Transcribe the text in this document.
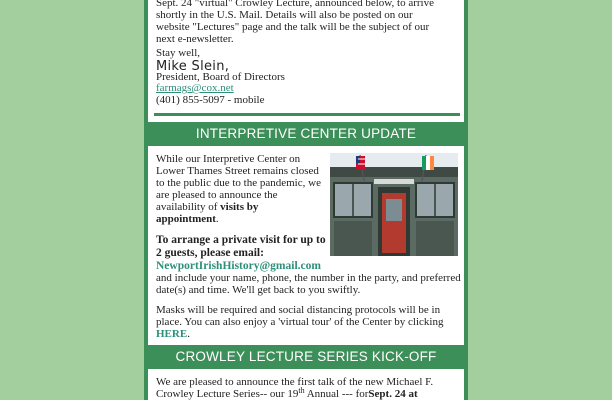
Sept. 24 "virtual" Crowley Lecture, announced below, to arrive
shortly in the U.S. Mail. Details will also be posted on our
website "Lectures" page and the talk will be the subject of our
next e-newsletter.
Stay well,
Mike Slein,
President, Board of Directors
farmags@cox.net
(401) 855-5097 - mobile
INTERPRETIVE CENTER UPDATE
While our Interpretive Center on Lower Thames Street remains closed to the public due to the pandemic, we are pleased to announce the availability of visits by appointment.
To arrange a private visit for up to 2 guests, please email:
NewportIrishHistory@gmail.com
and include your name, phone, the number in the party, and preferred date(s) and time. We'll get back to you swiftly.
Masks will be required and social distancing protocols will be in place. You can also enjoy a 'virtual tour' of the Center by clicking HERE.
CROWLEY LECTURE SERIES KICK-OFF
We are pleased to announce the first talk of the new Michael F. Crowley Lecture Series-- our 19th Annual --- forSept. 24 at
